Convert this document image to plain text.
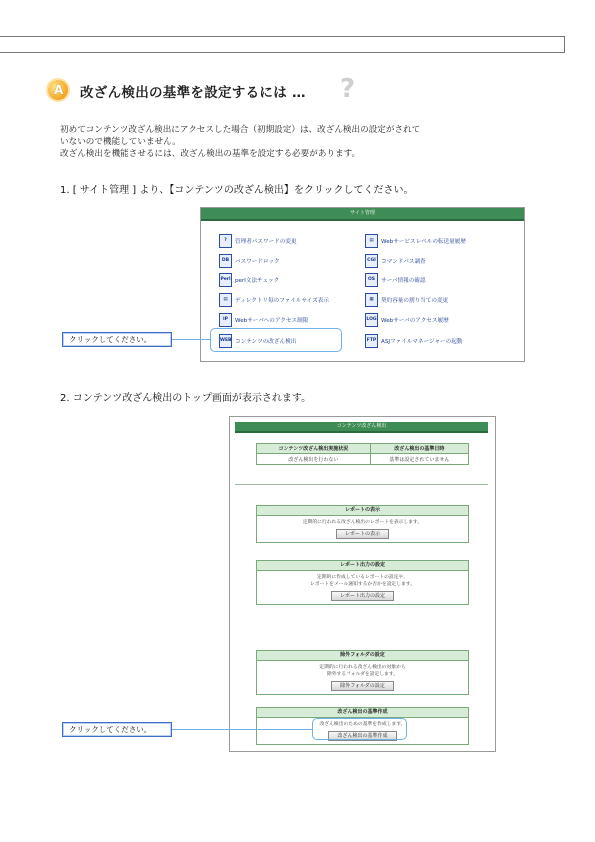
A 改ざん検出の基準を設定するには … ?
初めてコンテンツ改ざん検出にアクセスした場合（初期設定）は、改ざん検出の設定がされて
いないので機能していません。
改ざん検出を機能させるには、改ざん検出の基準を設定する必要があります。
1. [ サイト管理 ] より、【コンテンツの改ざん検出】をクリックしてください。
サイト管理
?	管理者パスワードの変更
DB	パスワードロック
Perl perl文法チェック
▤	ディレクトリ毎のファイルサイズ表示
IP	Webサーバへのアクセス制限
WEB コンテンツの改ざん検出
▤	Webサービスレベルの転送量履歴
CGI コマンドパス調査
OS	サーバ情報の確認
▦	契約容量の割り当ての変更
LOG Webサーバのアクセス履歴
FTP ASJファイルマネージャーの起動
クリックしてください。
2. コンテンツ改ざん検出のトップ画面が表示されます。
コンテンツ改ざん検出
コンテンツ改ざん検出実施状況	改ざん検出の基準日時
改ざん検出を行わない	基準は設定されていません
レポートの表示
定期的に行われる改ざん検出のレポートを表示します。
レポートの表示
レポート出力の設定
定期的に作成しているレポートの設定や、
レポートをメール通知するか否かを設定します。
レポート出力の設定
除外フォルダの設定
定期的に行われる改ざん検出の対象から
除外するフォルダを設定します。
除外フォルダの設定
改ざん検出の基準作成
改ざん検出のための基準を作成します。
改ざん検出の基準作成
クリックしてください。
